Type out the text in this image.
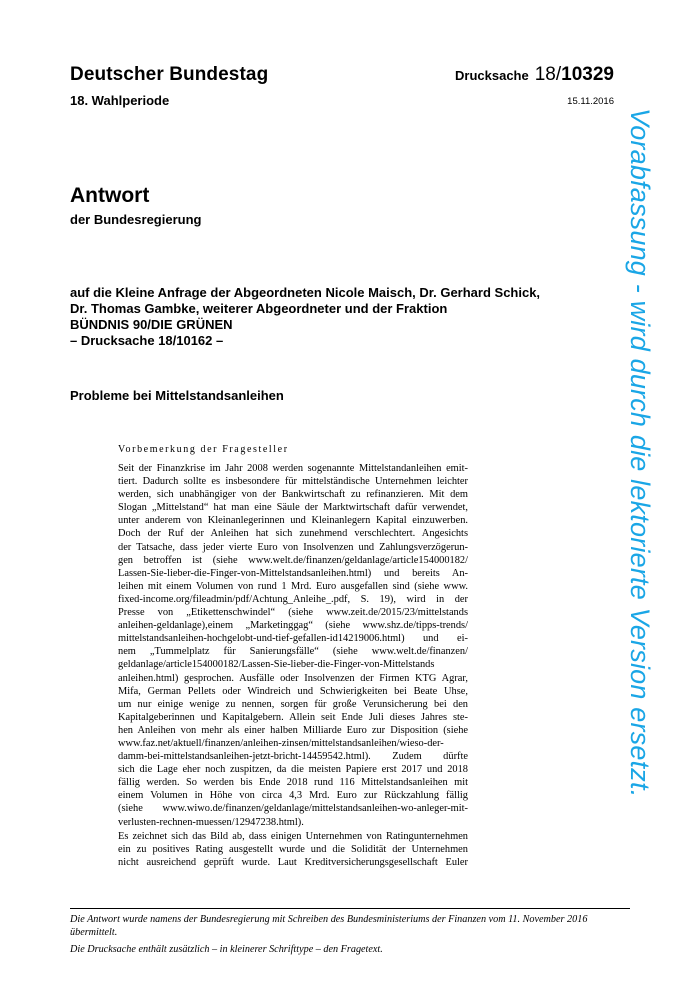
Deutscher Bundestag
18. Wahlperiode
Drucksache 18/10329
15.11.2016
Antwort
der Bundesregierung
auf die Kleine Anfrage der Abgeordneten Nicole Maisch, Dr. Gerhard Schick,
Dr. Thomas Gambke, weiterer Abgeordneter und der Fraktion
BÜNDNIS 90/DIE GRÜNEN
– Drucksache 18/10162 –
Probleme bei Mittelstandsanleihen
Vorbemerkung der Fragesteller
Seit der Finanzkrise im Jahr 2008 werden sogenannte Mittelstandanleihen emit-
tiert. Dadurch sollte es insbesondere für mittelständische Unternehmen leichter
werden, sich unabhängiger von der Bankwirtschaft zu refinanzieren. Mit dem
Slogan „Mittelstand“ hat man eine Säule der Marktwirtschaft dafür verwendet,
unter anderem von Kleinanlegerinnen und Kleinanlegern Kapital einzuwerben.
Doch der Ruf der Anleihen hat sich zunehmend verschlechtert. Angesichts
der Tatsache, dass jeder vierte Euro von Insolvenzen und Zahlungsverzögerun-
gen betroffen ist (siehe www.welt.de/finanzen/geldanlage/article154000182/
Lassen-Sie-lieber-die-Finger-von-Mittelstandsanleihen.html) und bereits An-
leihen mit einem Volumen von rund 1 Mrd. Euro ausgefallen sind (siehe www.
fixed-income.org/fileadmin/pdf/Achtung_Anleihe_.pdf, S. 19), wird in der
Presse von „Etikettenschwindel“ (siehe www.zeit.de/2015/23/mittelstands
anleihen-geldanlage),einem „Marketinggag“ (siehe www.shz.de/tipps-trends/
mittelstandsanleihen-hochgelobt-und-tief-gefallen-id14219006.html) und ei-
nem „Tummelplatz für Sanierungsfälle“ (siehe www.welt.de/finanzen/
geldanlage/article154000182/Lassen-Sie-lieber-die-Finger-von-Mittelstands
anleihen.html) gesprochen. Ausfälle oder Insolvenzen der Firmen KTG Agrar,
Mifa, German Pellets oder Windreich und Schwierigkeiten bei Beate Uhse,
um nur einige wenige zu nennen, sorgen für große Verunsicherung bei den
Kapitalgeberinnen und Kapitalgebern. Allein seit Ende Juli dieses Jahres ste-
hen Anleihen von mehr als einer halben Milliarde Euro zur Disposition (siehe
www.faz.net/aktuell/finanzen/anleihen-zinsen/mittelstandsanleihen/wieso-der-
damm-bei-mittelstandsanleihen-jetzt-bricht-14459542.html). Zudem dürfte
sich die Lage eher noch zuspitzen, da die meisten Papiere erst 2017 und 2018
fällig werden. So werden bis Ende 2018 rund 116 Mittelstandsanleihen mit
einem Volumen in Höhe von circa 4,3 Mrd. Euro zur Rückzahlung fällig
(siehe www.wiwo.de/finanzen/geldanlage/mittelstandsanleihen-wo-anleger-mit-
verlusten-rechnen-muessen/12947238.html).
Es zeichnet sich das Bild ab, dass einigen Unternehmen von Ratingunternehmen
ein zu positives Rating ausgestellt wurde und die Solidität der Unternehmen
nicht ausreichend geprüft wurde. Laut Kreditversicherungsgesellschaft Euler
Die Antwort wurde namens der Bundesregierung mit Schreiben des Bundesministeriums der Finanzen vom 11. November 2016 übermittelt.
Die Drucksache enthält zusätzlich – in kleinerer Schrifttype – den Fragetext.
Vorabfassung - wird durch die lektorierte Version ersetzt.
